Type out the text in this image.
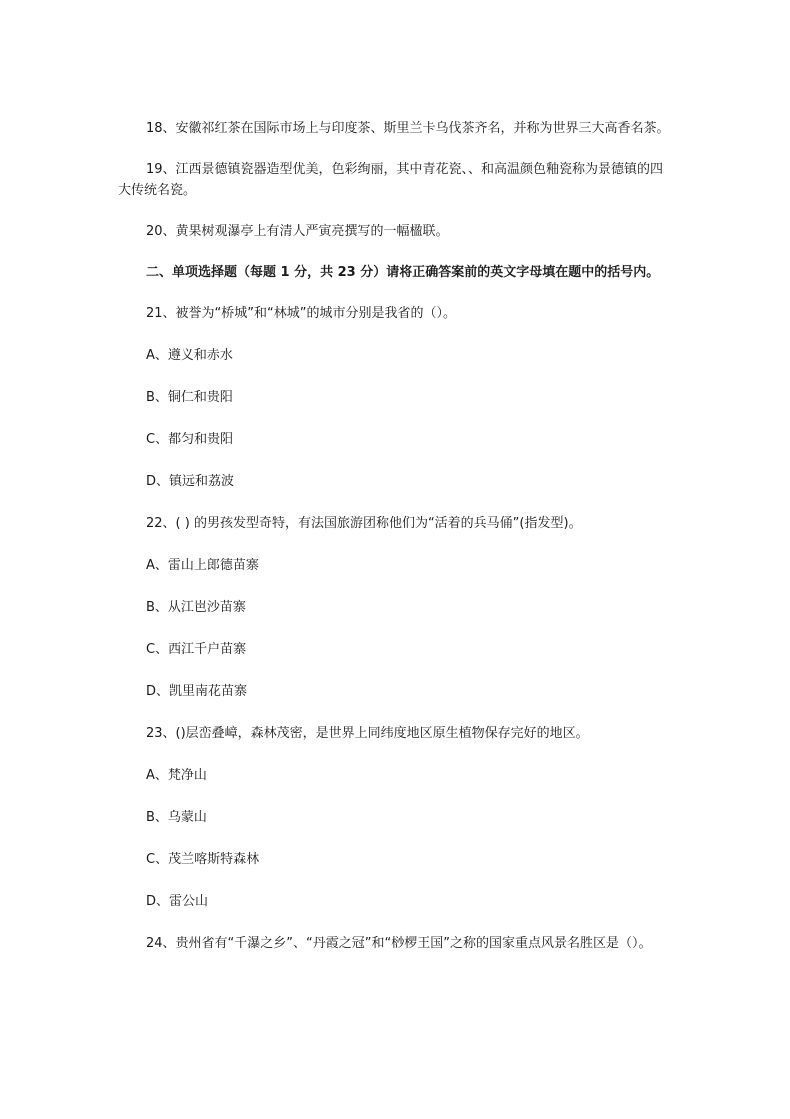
18、安徽祁红茶在国际市场上与印度茶、斯里兰卡乌伐茶齐名，并称为世界三大高香名茶。

19、江西景德镇瓷器造型优美，色彩绚丽，其中青花瓷、、和高温颜色釉瓷称为景德镇的四大传统名瓷。

20、黄果树观瀑亭上有清人严寅亮撰写的一幅楹联。

二、单项选择题（每题 1 分，共 23 分）请将正确答案前的英文字母填在题中的括号内。

21、被誉为“桥城”和“林城”的城市分别是我省的（）。

A、遵义和赤水

B、铜仁和贵阳

C、都匀和贵阳

D、镇远和荔波

22、( ) 的男孩发型奇特，有法国旅游团称他们为“活着的兵马俑”(指发型)。

A、雷山上郎德苗寨

B、从江岜沙苗寨

C、西江千户苗寨

D、凯里南花苗寨

23、()层峦叠嶂，森林茂密，是世界上同纬度地区原生植物保存完好的地区。

A、梵净山

B、乌蒙山

C、茂兰喀斯特森林

D、雷公山

24、贵州省有“千瀑之乡”、“丹霞之冠”和“桫椤王国”之称的国家重点风景名胜区是（）。
